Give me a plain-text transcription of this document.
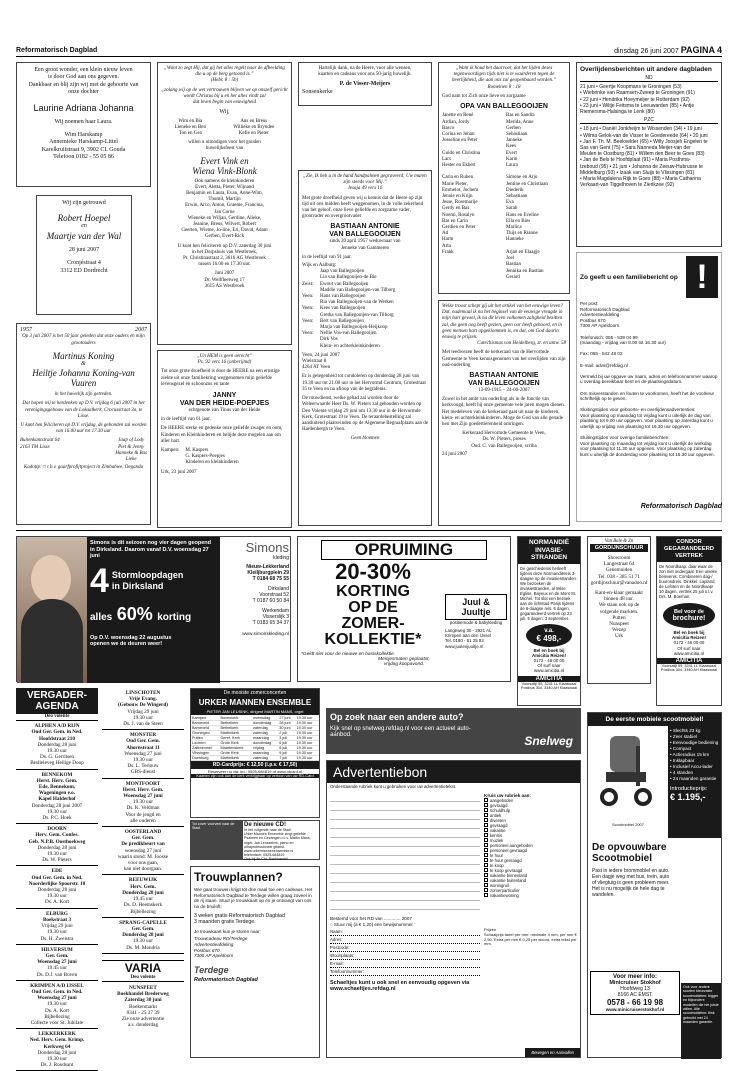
Reformatorisch Dagblad	dinsdag 26 juni 2007 PAGINA 4
Een groot wonder, een klein nieuw leven
is door God aan ons gegeven.
Dankbaar en blij zijn wij met de geboorte van
onze dochter
Laurine Adriana Johanna
Wij noemen haar Laura.
Wim Harskamp
Annemieke Harskamp-Littel
Karelkruitstraat 9, 3902 CL Gouda
Telefoon 0182 - 55 05 86
Wij zijn getrouwd
Robert Hoepel
en
Maartje van der Wal
28 juni 2007
Cronjéstraat 4
3312 ED Dordrecht
1957	2007
Op 3 juli 2007 is het 50 jaar geleden dat onze ouders en mijn grootouders
Martinus Koning
&
Heiltje Johanna Koning-van Vuuren
in het huwelijk zijn getreden.
Dat hopen wij te herdenken op D.V. vrijdag 6 juli 2007 in het verenigingsgebouw van de Lokaalkerk, Crocusstraat 3a, te Lisse.
U kunt hen feliciteren op D.V. vrijdag, de gebonden zal worden van 16.00 uur tot 17.30 uur
Buitenkantstraat 64
2163 TM Lisse
Jaap of Lody
Piet & Jenny
Hanneke & Bas
Lieke
Kadotip: □ t.b.v. gaarfprofijtproject in Zimbabwe, Oeganda
„Want zo zegt Hij, dat gij het alles regelt naar de afbeelding die u op de berg getoond is.”
(Hebr. 8 : 5b)
„zolang wij op de wet vertrouwen blijven we op onszelf gericht
wordt Christus bij u en het alles vindt zal
dat leven begin van eeuwigheid
Wij,
Wim en Bia
Lieneke en Ben
Ton en Gea
Ans en Breus
Willieke en Bryndee
Kefie en Pieter
willen u uitnodigen voor het gouden
huwelijksfeest van
Evert Vink en
Wiena Vink-Blonk
Ook namens de kleinkinderen
Evert, Aletta, Pieter, Wijnand
Benjamin en Laura, Evan, Anne-Wim,
Thomil, Martijn
Erwin, Arco, Anton, Graeme, Francina,
Jan Corne
Wieneke en Wiljan, Gerdine, Alieke,
Jeanine, Breus, Wilvert, Robert
Geerten, Wieme, Jo-line, Eri, David, Adam
Gerben, Evert-Rick
U kunt hen feliciteren op D.V. zaterdag 30 juni
in het Dorpshuis van Westbroek,
Pr. Christinastraat 2, 3616 AG Westbroek
tussen 16.00 en 17.30 uur.
Juni 2007
Dr. Wellfleetweg 17
3615 AS Westbroek
„Un HEM is geen oerecht”
Ps. 92 vers 16 (onberijmd)
Tot onze grote droefheid is door de HEERE na een ernstige ziekte uit onze familiekring weggenomen mijn geliefde levensgezel en schoonzus en tante
JANNY
VAN DER HEIDE-POEPJES
echtgenote van Tinus van der Heide
in de leeftijd van 61 jaar.
De HEERE sterke en gedenke onze geliefde zwager en oom, Kinderen en Kleinkinderen en belijde deze mogelen aan om aller hart.
Kampen: M. Kaspers
G. Kaspers-Poepjes
Kinderen en kleinkinderen
Urk, 23 juni 2007
Hartelijk dank, na de Heere, voor alle wensen,
kaarten en cadeaus voor ons 50-jarig huwelijk.
P. de Visser-Meijers
Sonsenkerke
„Zie, Ik heb u in de hand handpalmen gegraveerd; Uw muren zijn steeds voor Mij.”
Jesaja 49 vers 16
Met grote droefheid geven wij u kennis dat de Heere op zijn tijd uit ons midden heeft weggenomen, in de volle zekerheid van het geloof, onze lieve geliefde en zorgzame vader, grootvader en overgrootvader
BASTIAAN ANTONIE
VAN BALLEGOOIJEN
sinds 20 april 1957 weduwnaar van
Jenneke van Gammeren
in de leeftijd van 91 jaar.
Wijk en Aalburg:
Jaap van Ballegooijen
Lia van Ballegooijen-de Bie
Zeist:	Ewout van Ballegooijen
Maddie van Ballegooijen-van Tilborg
Veen:	Hans van Ballegooijen
Ria van Ballegooijen-van de Werken
Veen:	Kees van Ballegooijen
Gretha van Ballegooijen-van Tilborg
Veen:	Bert van Ballegooijen
Marja van Ballegooijen-Heijkoop
Veen:	Nellie Vos-van Ballegooijen
Dirk Vos
Klein- en achterkleinkinderen
Veen, 24 juni 2007
Wielstraat 8
4264 AT Veen
Er is gelegenheid tot condoleren op donderdag 28 juni van 19.30 uur tot 21.00 uur in het Hervormd Centrum, Grotestraat 35 te Veen en na afloop van de begrafenis.
De rouwdienst, welke gehad zal worden door de Weleerwaarde Heer Ds. W. Pieters zal gehouden worden op Deo Volente vrijdag 29 juni om 13.30 uur in de Hervormde Kerk, Grotestraat 19 te Veen. De teraardebestelling zal aansluitend plaatsvinden op de Algemene Begraafplaats aan de Hardenbergh te Veen.
Geen bloemen
„Want ik houd het daarvoor, dat het lijden deses tegenwoordigen tijds niet is te waarderen tegen de heerlijkheid, die aan ons zal geopenbaard worden.”
Romeinen 8 : 18
God nam tot Zich onze lieve en zorgzame
OPA VAN BALLEGOOIJEN
Janette en René
Ardian, Jordy
Basco
Corina en Johan
Josseline en Peter

Guido en Christina
Lars
Hester en Ekbert

Carla en Ruben
Marie Pieter,
Emmelot, Jochem
Jennie en Krijn
Jesse, Rosemarije
Gerdy en Bas
Noemi, Rosalyn
Bas en Carin
Gerdien en Peter
Ad
Harm
Arla
Frank
Bas en Sandra
Merida, Anne
Gerben
Sebastiaan
Janneke
Kees
Evert
Karin
Laura

Simone en Arjo
Jentine en Christiaan
Diederik
Sebastiaan
Eva
Sarah
Hans en Eveline
Ella en Bies
Marlica
Thijs en Rianne
Hanneke

Arjan en Elaagje
Joel
Bastian
Jennika en Bastian
Gerard
Welke troost schept gij uit het artikel van het eeuwige leven?
Dat, nademaal ik nu het beginsel van de eeuwige vreugde in mijn hart gevoel, ik na dit leven volkomen zaligheid bezitten zal, die geen oog heeft gezien, geen oor heeft gehoord, en in geen mensen hart opgeklommen is, en dat, om God daarin eeuwig te prijzen.
Catechismus van Heidelberg, zr. en antw. 58
Met leedwezen heeft de kerkeraad van de Hervormde Gemeente te Veen kennisgenomen van het overlijden van zijn oud-ouderling
BASTIAAN ANTONIE
VAN BALLEGOOIJEN
13-09-1915 – 24-06-2007
Zowel in het ambt van ouderling als in de functie van kerkvoogd, heeft hij onze gemeente vele jaren mogen dienen. Het medeleven van de kerkeraad gaat uit naar de kinderen, klein- en achterkleinkinderen. Moge de God van alle genade hen met Zijn goedertierenheid omringen.
Kerkeraad Hervormde Gemeente te Veen,
Ds. W. Pieters, preses
Oud. C. van Ballegooijen, scriba
24 juni 2007
Overlijdensberichten uit andere dagbladen
ND
21 juni • Geertje Koopmans te Groningen (53)
• Wiebrinke van Raamsen-Zweep te Groningen (91)
• 22 juni • Hendrika Hoeymeijer te Rotterdam (92)
• 23 juni • Wiltje Feitsma te Leeuwarden (85) • Antje Riemersma-Halsinga te Lenk (80)
PZC
• 18 juni • Daniël Jonkheijm te Wissenden (34) • 19 juni
• Wilma Gelok-van de Visser te Goedereede (64) • 20 juni
• Jan F. Th. M. Beekvelder (65) • Willy Joosjeh Engelen te
Sas van Gent (75) • Sara Nanneda Meijer-van der
Meulen te Oostburg (81) • Willem den Beer te Goes (83)
• Jan de Bels te Hoofdplaat (91) • Maria Posthma-
Izeboud (95) • 21 juni • Johanna de Zeeuw-Hubrusse te
Middelburg (93) • Izaak van Sluijs te Vlissingen (81)
• Maria Magdalena Rijk te Goes (88) • Maria Catharina
Verkaart-van Tiggelhoven te Zierikzee (92)
Zo geeft u een familiebericht op !
Per post:
Reformatorisch Dagblad
Advertentieafdeling
Postbus 670
7300 AP Apeldoorn

Telefonisch: 055 - 539 04 99
(maandag - vrijdag van 8.00 tot 16.30 uur)

Fax: 055 - 542 48 02

E-mail: advs@refdag.nl

Vermeld bij uw opgave uw naam, adres en telefoonnummer waarop u overdag bereikbaar bent en de plaatsingsdatum.

Om misverstanden en fouten te voorkomen, heeft het de voorkeur schriftelijk op te geven.

Sluitingstijden voor geboorte- en overlijdensadvertenties:
Voor plaatsing op maandag tot vrijdag kunt u uiterlijk de dag van plaatsing tot 9.00 uur opgeven. Voor plaatsing op zaterdag kunt u uiterlijk op vrijdag van plaatsing tot 16.30 uur opgeven.

Sluitingstijden voor overige familieberichten:
Voor plaatsing op maandag tot vrijdag kunt u uiterlijk de werkdag voor plaatsing tot 11.30 uur opgeven. Voor plaatsing op zaterdag kunt u uiterlijk de donderdag voor plaatsing tot 15.30 uur opgeven.
Reformatorisch Dagblad
Simons is dit seizoen nog vier dagen geopend in Dirksland. Daarom vanaf D.V. woensdag 27 juni
4 Stormloopdagen
in Dirksland
alles 60% korting
Op D.V. woensdag 22 augustus
openen we de deuren weer!
Simons
kleding
Nieuw-Lekkerland
Kleiljburgplein 29
T 0184 68 75 55
Dirksland
Voorstraat 52
T 0187 60 50 84
Werkendam
Visserslijk 3
T 0183 65 34 37
www.simonskleding.nl
OPRUIMING
20-30%
KORTING
OP DE
ZOMER-
KOLLEKTIE*
Juul & Juultje
positiemode & babykleding
Langeweg 30 - 2921 AL Krimpen aan den IJssel
Tel. 0180 - 51 25 92
www.juulenjuultje.nl
*Geldt niet voor de nieuwe en basiskollektie
Meisjesmaten geplaatst,
vrijdag koopavond.
NORMANDIË
INVASIE-
STRANDEN
De geschiedenis herleeft tijdens deze Normandiëreis 3-daagse op de invasiestranden. We bezoeken de invasiestranden, al Mère Eglise, Bayeux en de Mont St. Michel. Tot slot een bezoek aan de lichtstad Parijs tijdens de 6-daagse reis. 6 dagen, gegarandeerd vertrek op 23 juli. 5 dagen: 3 september.
v.a.
€ 498,-
Bel en boek bij
Amicitia Reizen!
0172 - 46 00 00
Of surf naar
www.amicitia.nl
AMICITIA
Voorsatijl 55, 3241 LL Klaaswaal
Postbus 304, 3340 AH Klaaswaal
Van Bale & Zn
GORDIJNSCHUUR
Showroom
Langestraat 64
Genemuiden
Tel. 038 - 385 51 71
gordijnschuur@vanadoo.nl
Kant-en-klaar gemaakt
binnen 48 uur.
We staan ook op de
volgende markten.
Putten
Nunspeet
Wezep
Urk
CONDOR
GEGARANDEERD
VERTREK
De Noordkaap: daar waar de zon niet ondergaat. Een unieke belevenis. Combineren dag-/ buurondreis. Dinkkel. Lapland, de Lofoten en de Noordkaap! 10 dagen, vertrek 25 juli o.l.v. Drs. M. Boeman.
Bel voor de
brochure!
Bel en boek bij
Amicitia Reizen!
0172 - 46 00 00
Of surf naar
www.amicitia.nl
AMICITIA
Voorsatijl 55, 3241 LL Klaaswaal
Postbus 304, 3340 AH Klaaswaal
VERGADER-
AGENDA
Deo volente
ALPHEN A/D RIJN
Oud Ger. Gem. in Ned.
Hoofdstraat 210
Donderdag 28 juni
19.30 uur
Ds. G. Gerritsen
Beslleleveg Heilige Doop
BENNEKOM
Herst. Herv. Gem.
Ede, Bennekom,
Wageningen e.o.
Kapel Halderhof
Donderdag 28 juni 2007
19.30 uur
Ds. P.C. Hoek
DOORN
Herv. Gem. Confes.
Geb. N.P.B. Oosthoekweg
Donderdag 28 juni
19.30 uur
Ds. W. Pieters
EDE
Oud Ger. Gem. in Ned.
Noorderlijke Spoorstr. 10
Donderdag 28 juni
19.30 uur
Ds. A. Kort
ELBURG
Boekstraat 3
Vrijdag 29 juni
19.30 uur
Ds. H. Zweistra
HILVERSUM
Ger. Gem.
Woensdag 27 juni
19.45 uur
Ds. D.J. van Boven
KRIMPEN A/D IJSSEL
Oud Ger. Gem. in Ned.
Woensdag 27 juni
19.30 uur
Ds. A. Kort
Bijbellezing
Collecte voor St. Jubilate
LEKKERKERK
Ned. Herv. Gem. Krimp.
Kerkweg 64
Donderdag 28 juni
19.30 uur
Ds. J. Roodsant
LINSCHOTEN
Vrije Evang.
(Gebouw De Wingerd)
Vrijdag 29 juni
19.30 uur
Ds. J. van de Steen
MONSTER
Oud Ger. Gem.
Ahornstraat 11
Woensdag 27 juni
19.30 uur
Ds. L. Terlouw
GBS-dienst
MONTFOORT
Herst. Herv. Gem.
Woensdag 27 juni
19.30 uur
Ds. K. Veldman
Voor de jeugd en
alle ouderen
OOSTERLAND
Ger. Gem.
De predikbeurt van
woensdag 27 juni
waarin stond: M. Joosse
voor ons gaan,
kan niet doorgaan.
REEUWIJK
Herv. Gem.
Donderdag 28 juni
19.45 uur
Ds. D. Heemskerk
Bijbellezing
SPRANG-CAPELLE
Ger. Gem.
Donderdag 28 juni
19.30 uur
Ds. M. Mondria
VARIA
Deo volente
NUNSPEET
Boekhandel Brederweg
Zaterdag 30 juni
Boekenmarkt
0341 - 25 37 39
Zie onze advertentie
a.s. donderdag
De mooiste zomerconcerten
URKER MANNEN ENSEMBLE
PIETER JAN LEUSINK, dirigent MARTIN MANS, orgel
Kampen	Bovenkerk	woensdag	27 juni	19.30 uur
Barneveld	Bethelkerk	donderdag	28 juni	19.30 uur
Barneveld	Bethelkerk	zaterdag	30 juni	19.30 uur
Groningen	Martinikerk	zaterdag	2 juli	19.30 uur
Putten	Geref. Kerk	maandag	3 juli	19.30 uur
Lochem	Grote Kerk	donderdag	6 juli	19.30 uur
Zaltbommel	Maartenskerk	vrijdag	6 juli	19.30 uur
Vlissingen	Grote Kerk	maandag	9 juli	19.30 uur
Doesburg	Martinikerk	zaterdag	7 juli	19.30 uur
RD-Cardprijs: € 12,50 (i.p.v. € 17,50)
Reserveer nu via: tel.: 0525-684819 of www.rdcard.nl
Kaarten zijn ook aan de kerk verkrijgbaar op vertoon van uw RD-Card
Tot zover voorveel naar de Stad!	De nieuwe CD!
In het volgende naar de Stad!
Urker Mannen Ensemble zingt geliefde Psalmen en Gezangen o.l.v. Martin Mans, orgel: Jan Lensselink, piano en ultraprofessionele gitarist.
www.urkermannenensemble.nl
telefonisch: 0525-684819
Ook bij de Chr. Boekhandel
Trouwplannen?
Wie gaat trouwen krijgt tot drie maal toe een cadeaus. Het Reformatorisch Dagblad te Terdege willen graag zoveel in de rij staan. Stuur je trouwkaart op en je ontvangt van ons na de bruiloft:
3 weken gratis Reformatorisch Dagblad
3 maanden gratis Terdege.
Je trouwkaart kun je sturen naar:
Trouwcadeau RD/Terdege
Advertentieafdeling
Postbus 670
7300 AP Apeldoorn
Terdege
Reformatorisch Dagblad
Op zoek naar een andere auto?
Kijk snel op snelweg.refdag.nl voor een actueel auto-aanbod.	Snelweg
Advertentiebon
Onderstaande rubriek kunt u gebruiken voor uw advertentietekst.
Kruis uw rubriek aan:
aangeboden
gevraagd
schuldhulp
antiek
diversen
gevraagd
vakantie
kennis
muziek
personeel aangeboden
personeel gevraagd
te huur
te huur gevraagd
te koop
te koop gevraagd
vakantie binnenland
vakantie buitenland
woningruil
zomerparticulier
vakantiewoning
Bestemd voor het RD van ............. 2007
○ Stuur mij (à € 1,20) een bewijsnummer
Naam:
Adres:
Postcode:
Woonplaats:
E-mail:
Telefoonnummer:
Prijzen
Schaalprijs tarief per mm: minimale 4 mm, per mm € 2,50. Extra per mm € 0,25 per woord, extra tekst per mm.
Schaeltjes kunt u ook snel en eenvoudig opgeven via www.schaeltjes.refdag.nl
Bewegen en Aanvallen
De eerste mobiele scootmobiel!
Scootmobiel 2007
• Slechts 23 kg
• Zeer stabiel
• Eenvoudige bediening
• Compact
• Actieradius 15 km
• Inklapbaar
• Inclusief Accu-lader
• 4 standen
• 24 maanden garantie
Introductieprijs:
€ 1.195,-
De opvouwbare
Scootmobiel
Past in iedere brommobiel en auto. Een dagje weg met bus, trein, auto of vliegtuig is geen probleem meer. Het is nu mogelijk de hele dag te wandelen.
Ook voor andere soorten kleurvaste scootmobielen: bigger en bijzondere modellen die het juiste willen. Alle scootmobielen: flink gebruikt met 24 maanden garantie.
Voor meer info:
Minicruiser Stokhof
Hoofdweg 13
8166 AC EMST
0578 - 66 19 98
www.minicruiserstokhof.nl
